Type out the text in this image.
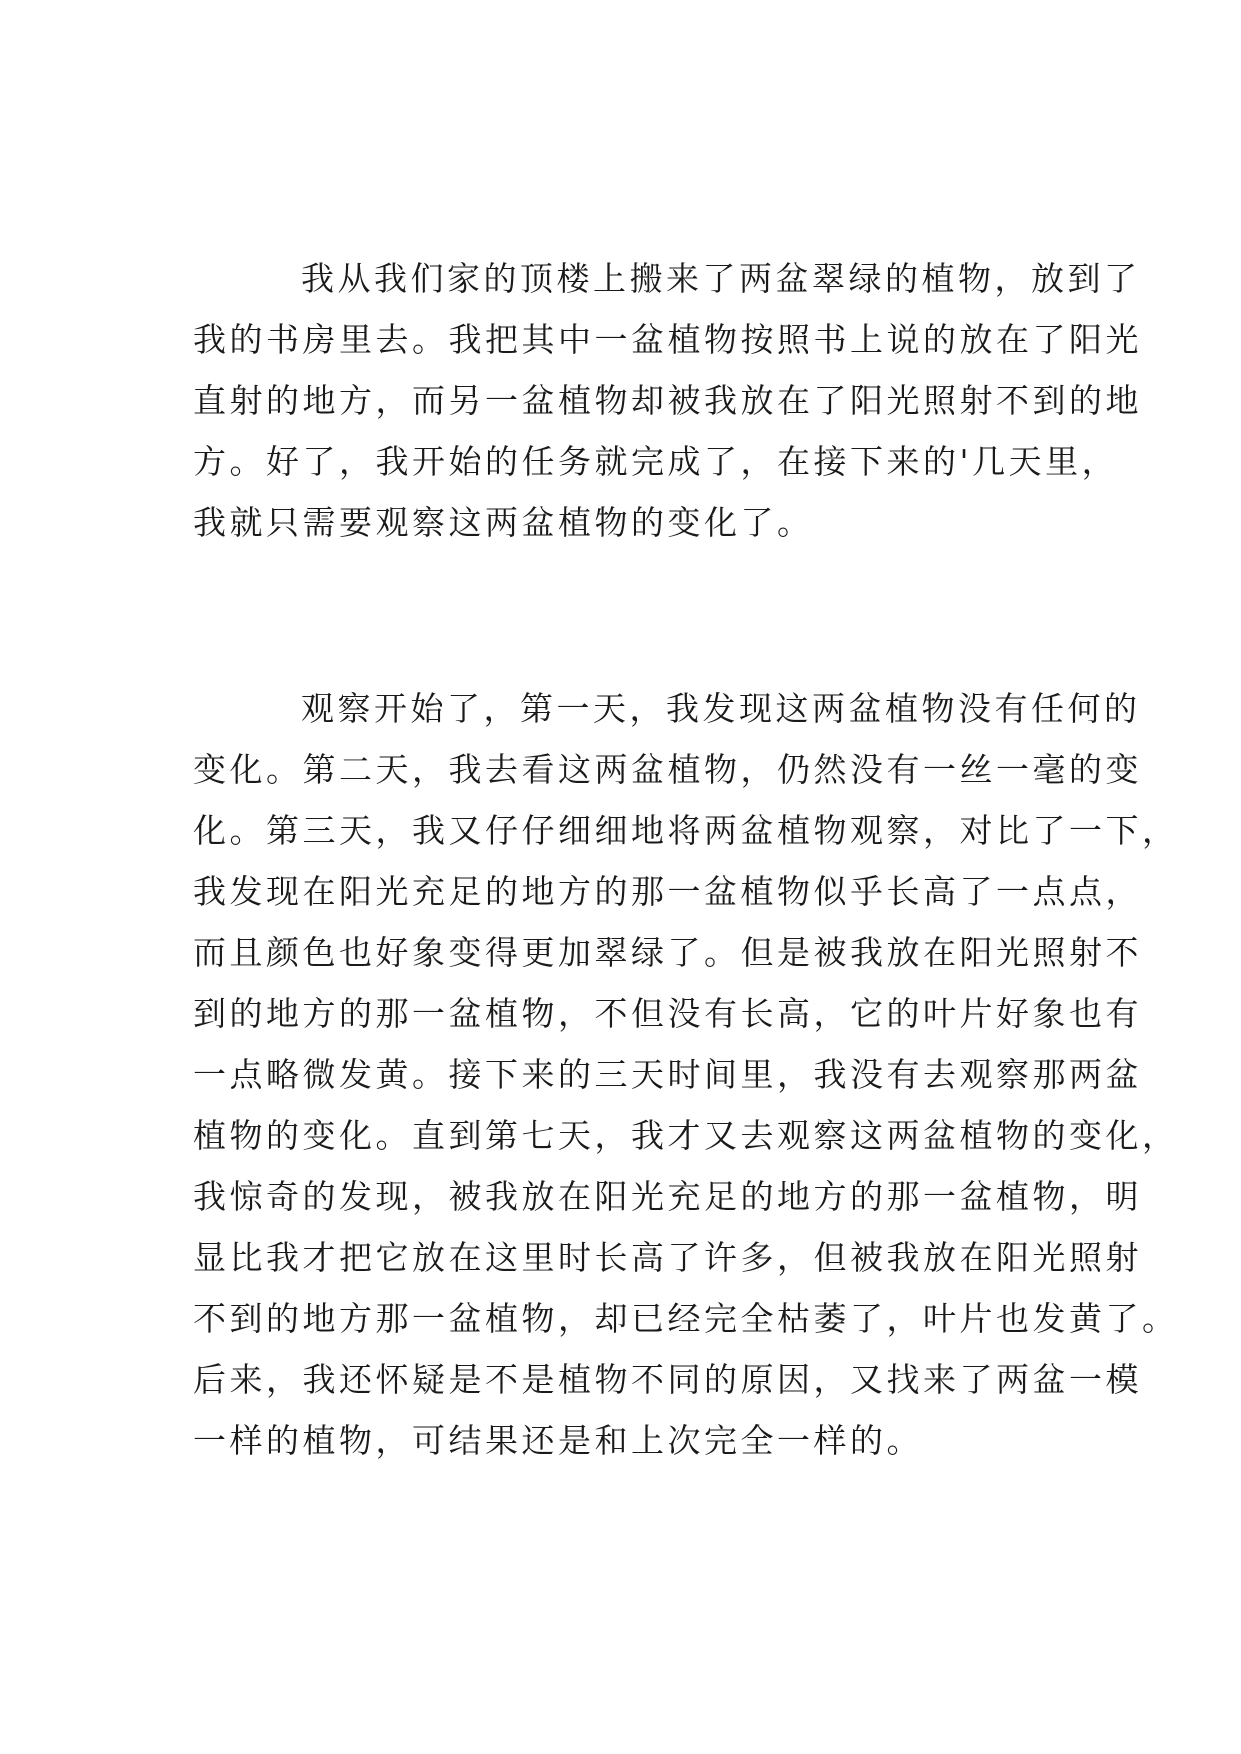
我从我们家的顶楼上搬来了两盆翠绿的植物，放到了
我的书房里去。我把其中一盆植物按照书上说的放在了阳光
直射的地方，而另一盆植物却被我放在了阳光照射不到的地
方。好了，我开始的任务就完成了，在接下来的'几天里，
我就只需要观察这两盆植物的变化了。
观察开始了，第一天，我发现这两盆植物没有任何的
变化。第二天，我去看这两盆植物，仍然没有一丝一毫的变
化。第三天，我又仔仔细细地将两盆植物观察，对比了一下，
我发现在阳光充足的地方的那一盆植物似乎长高了一点点，
而且颜色也好象变得更加翠绿了。但是被我放在阳光照射不
到的地方的那一盆植物，不但没有长高，它的叶片好象也有
一点略微发黄。接下来的三天时间里，我没有去观察那两盆
植物的变化。直到第七天，我才又去观察这两盆植物的变化，
我惊奇的发现，被我放在阳光充足的地方的那一盆植物，明
显比我才把它放在这里时长高了许多，但被我放在阳光照射
不到的地方那一盆植物，却已经完全枯萎了，叶片也发黄了。
后来，我还怀疑是不是植物不同的原因，又找来了两盆一模
一样的植物，可结果还是和上次完全一样的。
